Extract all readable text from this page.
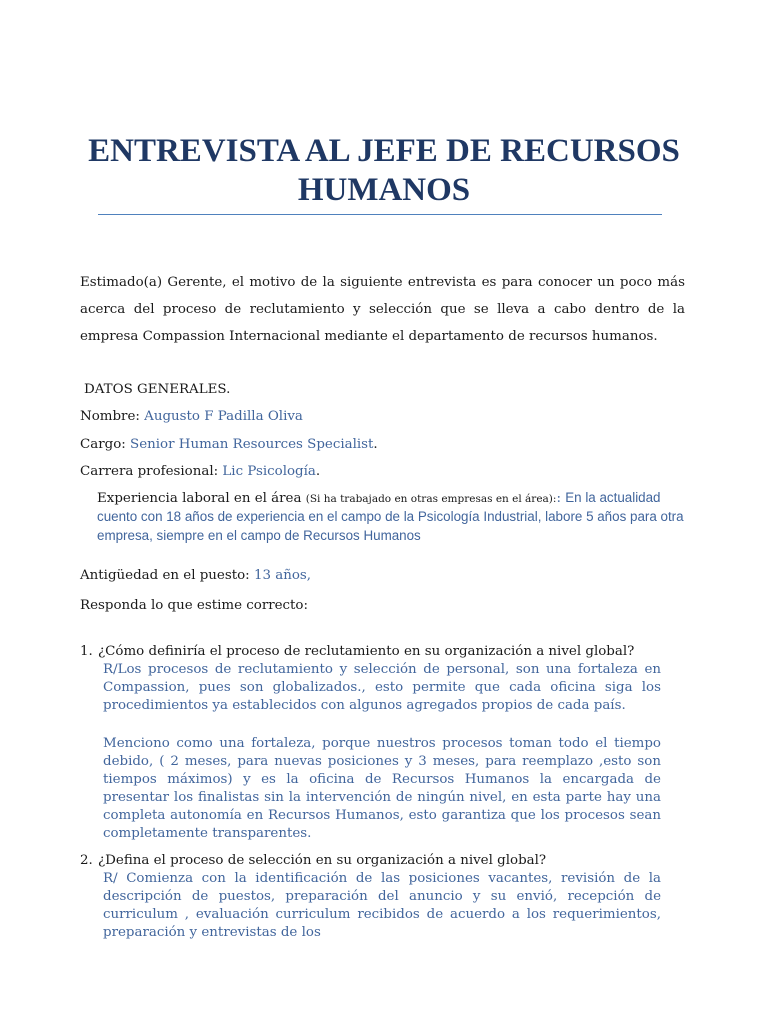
ENTREVISTA AL JEFE DE RECURSOS HUMANOS
Estimado(a) Gerente, el motivo de la siguiente entrevista es para conocer un poco más acerca del proceso de reclutamiento y selección que se lleva a cabo dentro de la empresa Compassion Internacional mediante el departamento de recursos humanos.
DATOS GENERALES.
Nombre: Augusto F Padilla Oliva
Cargo: Senior Human Resources Specialist.
Carrera profesional: Lic Psicología.
Experiencia laboral en el área (Si ha trabajado en otras empresas en el área):: En la actualidad cuento con 18 años de experiencia en el campo de la Psicología Industrial, labore 5 años para otra empresa, siempre en el campo de Recursos Humanos
Antigüedad en el puesto: 13 años,
Responda lo que estime correcto:
1. ¿Cómo definiría el proceso de reclutamiento en su organización a nivel global?
R/Los procesos de reclutamiento y selección de personal, son una fortaleza en Compassion, pues son globalizados., esto permite que cada oficina siga los procedimientos ya establecidos con algunos agregados propios de cada país.
Menciono como una fortaleza, porque nuestros procesos toman todo el tiempo debido, ( 2 meses, para nuevas posiciones y 3 meses, para reemplazo ,esto son tiempos máximos) y es la oficina de Recursos Humanos la encargada de presentar los finalistas sin la intervención de ningún nivel, en esta parte hay una completa autonomía en Recursos Humanos, esto garantiza que los procesos sean completamente transparentes.
2. ¿Defina el proceso de selección en su organización a nivel global?
R/ Comienza con la identificación de las posiciones vacantes, revisión de la descripción de puestos, preparación del anuncio y su envió, recepción de curriculum , evaluación curriculum recibidos de acuerdo a los requerimientos, preparación y entrevistas de los
